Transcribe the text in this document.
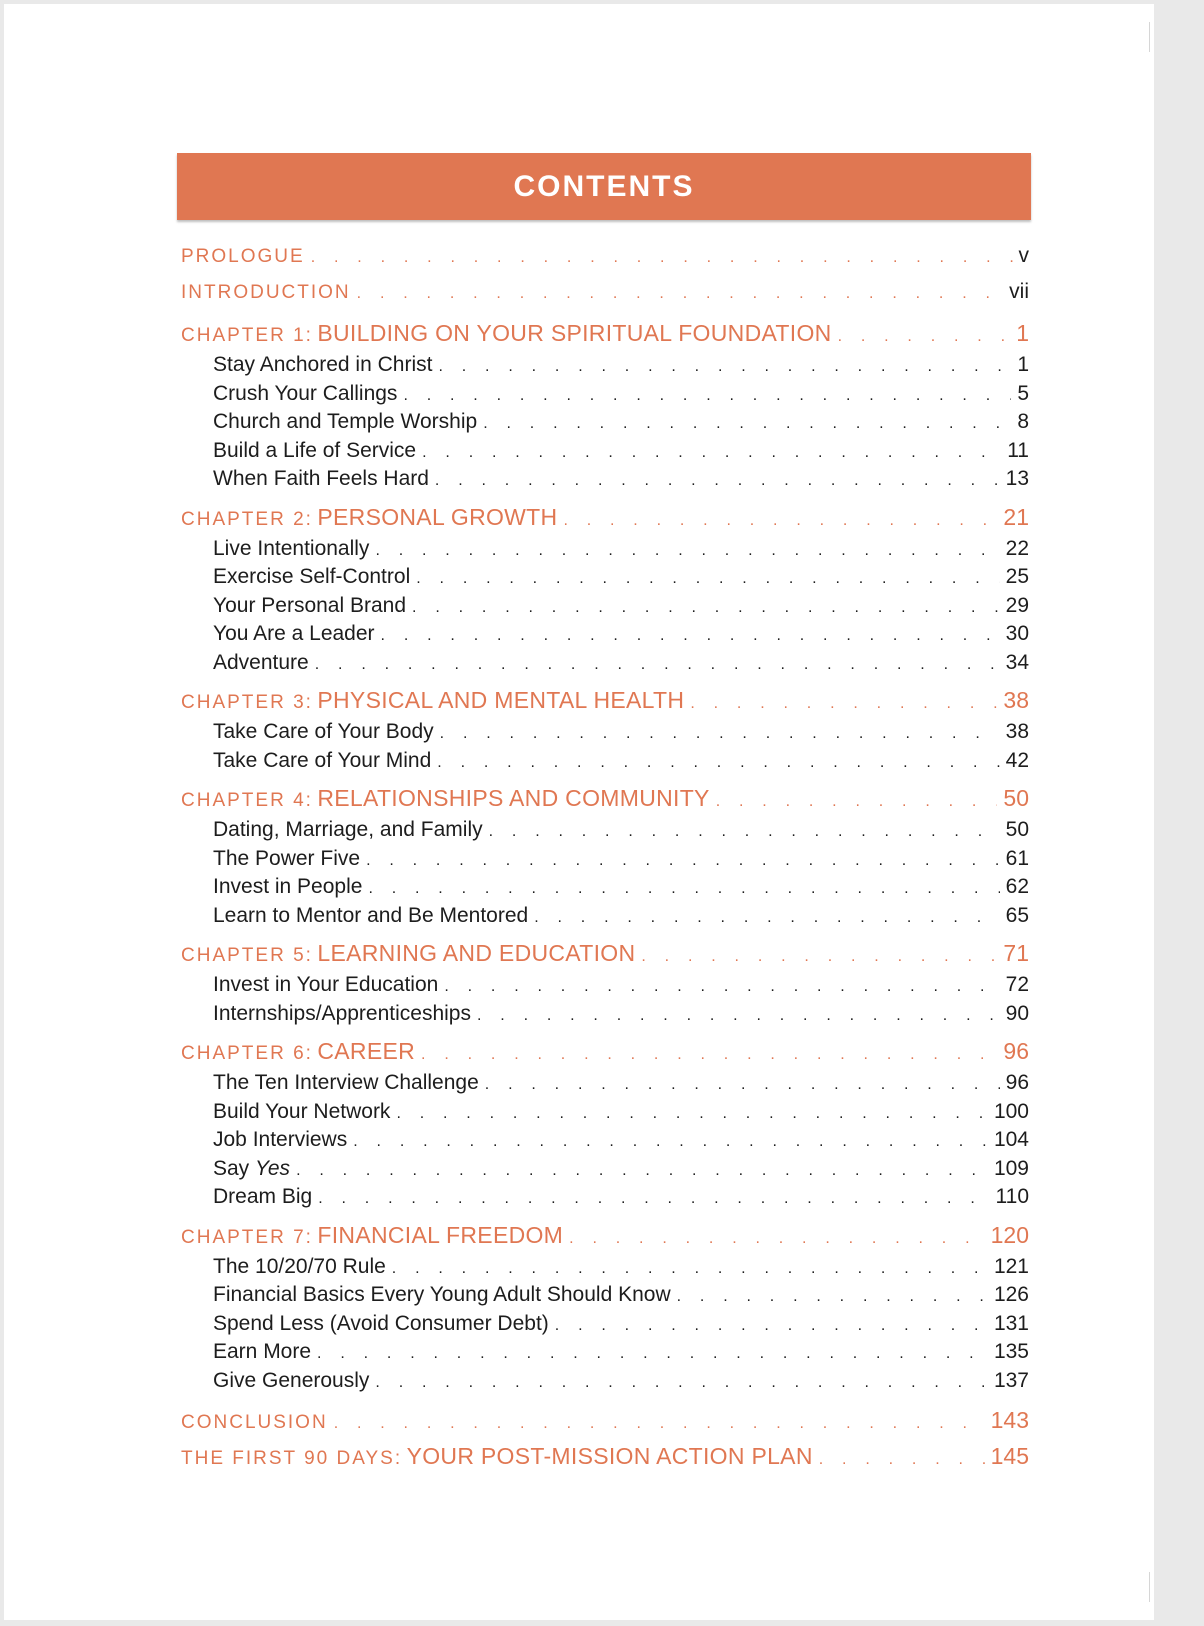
CONTENTS
PROLOGUE . . .	v
INTRODUCTION . . .	vii
CHAPTER 1:
BUILDING ON YOUR SPIRITUAL FOUNDATION . . .	1
Stay Anchored in Christ . . .	1
Crush Your Callings . . .	5
Church and Temple Worship . . .	8
Build a Life of Service . . .	11
When Faith Feels Hard . . .	13
CHAPTER 2:
PERSONAL GROWTH . . .	21
Live Intentionally . . .	22
Exercise Self-Control . . .	25
Your Personal Brand . . .	29
You Are a Leader . . .	30
Adventure . . .	34
CHAPTER 3:
PHYSICAL AND MENTAL HEALTH . . .	38
Take Care of Your Body . . .	38
Take Care of Your Mind . . .	42
CHAPTER 4:
RELATIONSHIPS AND COMMUNITY . . .	50
Dating, Marriage, and Family . . .	50
The Power Five . . .	61
Invest in People . . .	62
Learn to Mentor and Be Mentored . . .	65
CHAPTER 5:
LEARNING AND EDUCATION . . .	71
Invest in Your Education . . .	72
Internships/Apprenticeships . . .	90
CHAPTER 6:
CAREER . . .	96
The Ten Interview Challenge . . .	96
Build Your Network . . .	100
Job Interviews . . .	104
Say Yes . . .	109
Dream Big . . .	110
CHAPTER 7:
FINANCIAL FREEDOM . . .	120
The 10/20/70 Rule . . .	121
Financial Basics Every Young Adult Should Know . . .	126
Spend Less (Avoid Consumer Debt) . . .	131
Earn More . . .	135
Give Generously . . .	137
CONCLUSION . . .	143
THE FIRST 90 DAYS:
YOUR POST-MISSION ACTION PLAN . . .	145
